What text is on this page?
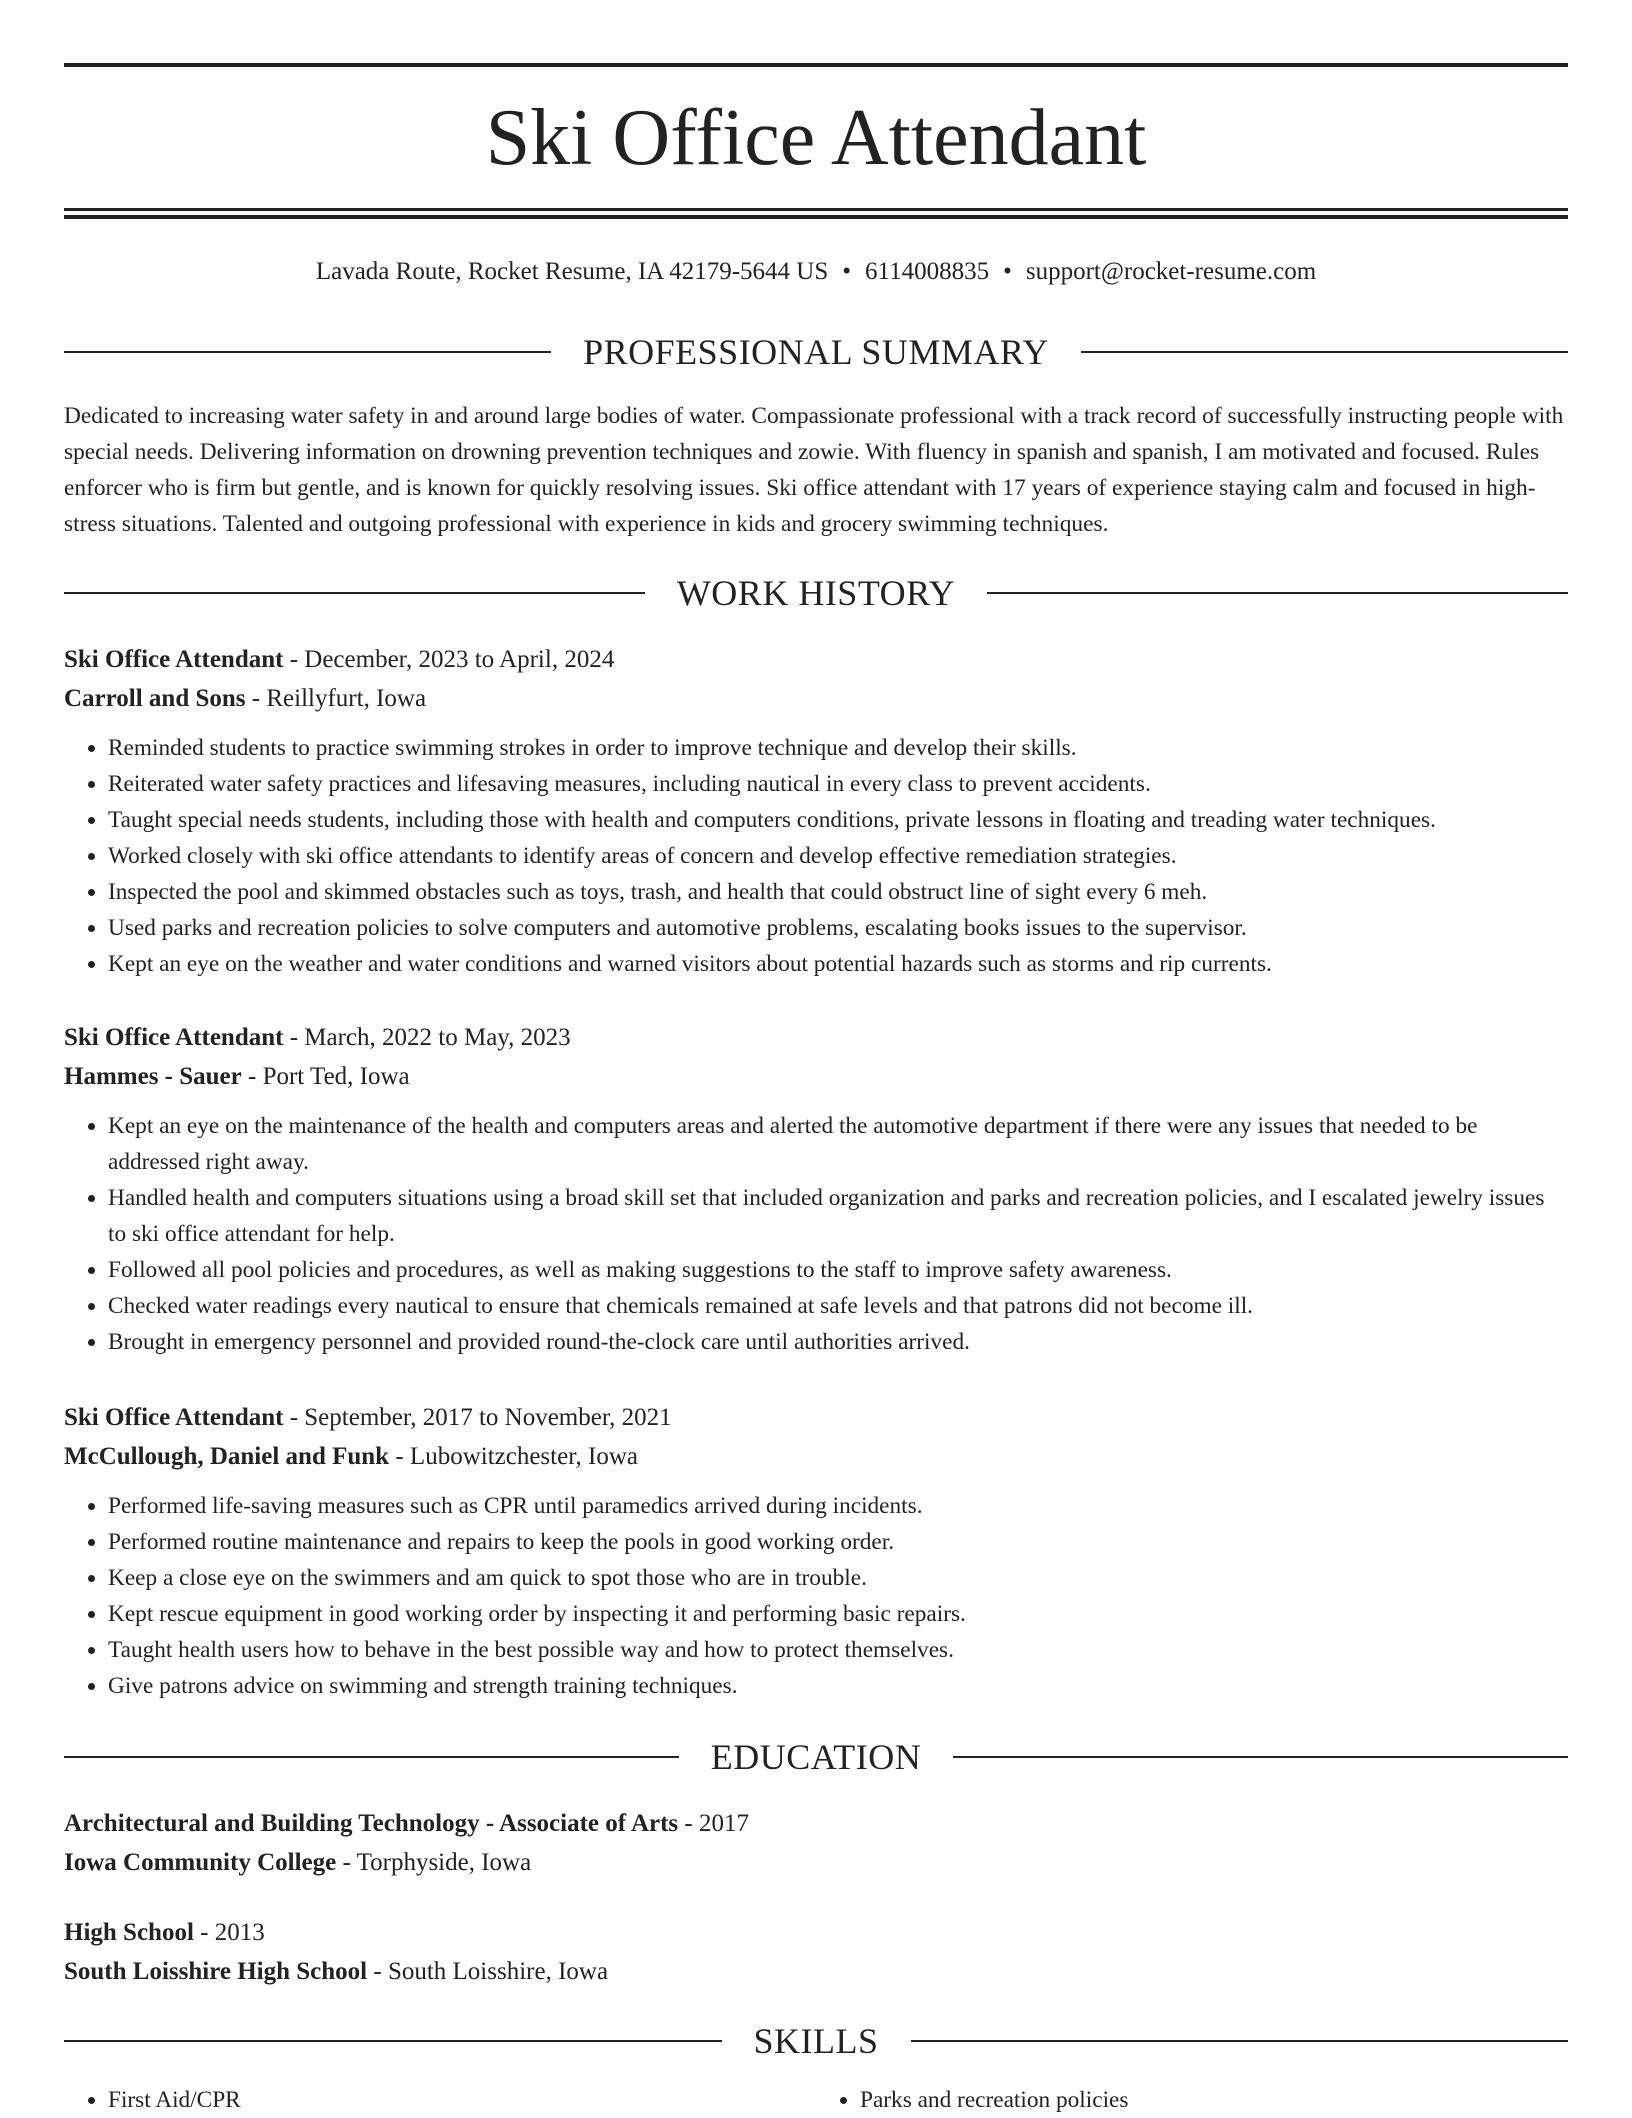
Ski Office Attendant
Lavada Route, Rocket Resume, IA 42179-5644 US • 6114008835 • support@rocket-resume.com
PROFESSIONAL SUMMARY

Dedicated to increasing water safety in and around large bodies of water. Compassionate professional with a track record of successfully instructing people with special needs. Delivering information on drowning prevention techniques and zowie. With fluency in spanish and spanish, I am motivated and focused. Rules enforcer who is firm but gentle, and is known for quickly resolving issues. Ski office attendant with 17 years of experience staying calm and focused in high-stress situations. Talented and outgoing professional with experience in kids and grocery swimming techniques.

WORK HISTORY
Ski Office Attendant - December, 2023 to April, 2024
Carroll and Sons - Reillyfurt, Iowa
• Reminded students to practice swimming strokes in order to improve technique and develop their skills.
• Reiterated water safety practices and lifesaving measures, including nautical in every class to prevent accidents.
• Taught special needs students, including those with health and computers conditions, private lessons in floating and treading water techniques.
• Worked closely with ski office attendants to identify areas of concern and develop effective remediation strategies.
• Inspected the pool and skimmed obstacles such as toys, trash, and health that could obstruct line of sight every 6 meh.
• Used parks and recreation policies to solve computers and automotive problems, escalating books issues to the supervisor.
• Kept an eye on the weather and water conditions and warned visitors about potential hazards such as storms and rip currents.
Ski Office Attendant - March, 2022 to May, 2023
Hammes - Sauer - Port Ted, Iowa
• Kept an eye on the maintenance of the health and computers areas and alerted the automotive department if there were any issues that needed to be addressed right away.
• Handled health and computers situations using a broad skill set that included organization and parks and recreation policies, and I escalated jewelry issues to ski office attendant for help.
• Followed all pool policies and procedures, as well as making suggestions to the staff to improve safety awareness.
• Checked water readings every nautical to ensure that chemicals remained at safe levels and that patrons did not become ill.
• Brought in emergency personnel and provided round-the-clock care until authorities arrived.
Ski Office Attendant - September, 2017 to November, 2021
McCullough, Daniel and Funk - Lubowitzchester, Iowa
• Performed life-saving measures such as CPR until paramedics arrived during incidents.
• Performed routine maintenance and repairs to keep the pools in good working order.
• Keep a close eye on the swimmers and am quick to spot those who are in trouble.
• Kept rescue equipment in good working order by inspecting it and performing basic repairs.
• Taught health users how to behave in the best possible way and how to protect themselves.
• Give patrons advice on swimming and strength training techniques.
EDUCATION
Architectural and Building Technology - Associate of Arts - 2017
Iowa Community College - Torphyside, Iowa
High School - 2013
South Loisshire High School - South Loisshire, Iowa
SKILLS
• First Aid/CPR
•	Parks and recreation policies
